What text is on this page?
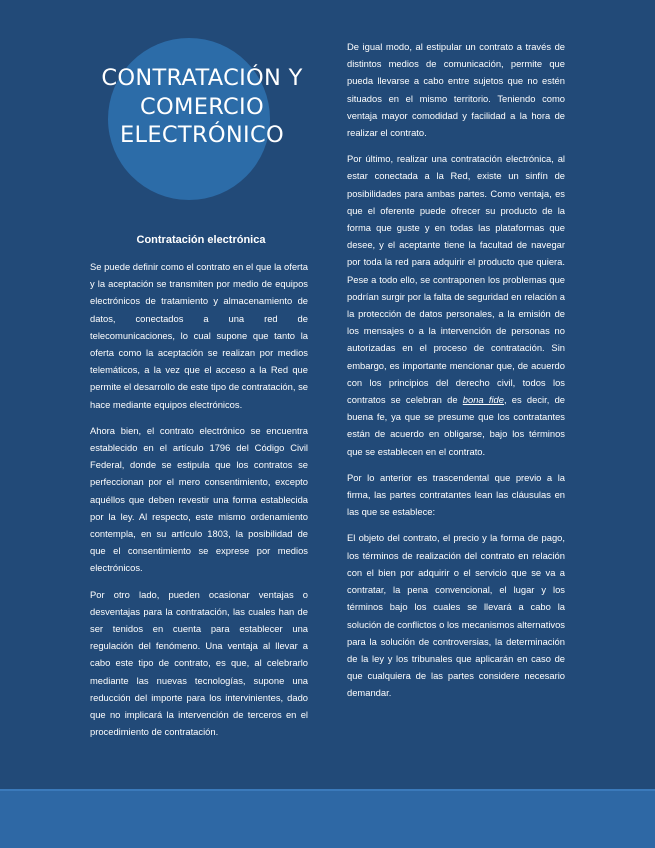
CONTRATACIÓN Y
COMERCIO
ELECTRÓNICO
Contratación electrónica

Se puede definir como el contrato en el que la oferta y la aceptación se transmiten por medio de equipos electrónicos de tratamiento y almacenamiento de datos, conectados a una red de telecomunicaciones, lo cual supone que tanto la oferta como la aceptación se realizan por medios telemáticos, a la vez que el acceso a la Red que permite el desarrollo de este tipo de contratación, se hace mediante equipos electrónicos.

Ahora bien, el contrato electrónico se encuentra establecido en el artículo 1796 del Código Civil Federal, donde se estipula que los contratos se perfeccionan por el mero consentimiento, excepto aquéllos que deben revestir una forma establecida por la ley. Al respecto, este mismo ordenamiento contempla, en su artículo 1803, la posibilidad de que el consentimiento se exprese por medios electrónicos.

Por otro lado, pueden ocasionar ventajas o desventajas para la contratación, las cuales han de ser tenidos en cuenta para establecer una regulación del fenómeno. Una ventaja al llevar a cabo este tipo de contrato, es que, al celebrarlo mediante las nuevas tecnologías, supone una reducción del importe para los intervinientes, dado que no implicará la intervención de terceros en el procedimiento de contratación.

De igual modo, al estipular un contrato a través de distintos medios de comunicación, permite que pueda llevarse a cabo entre sujetos que no estén situados en el mismo territorio. Teniendo como ventaja mayor comodidad y facilidad a la hora de realizar el contrato.

Por último, realizar una contratación electrónica, al estar conectada a la Red, existe un sinfín de posibilidades para ambas partes. Como ventaja, es que el oferente puede ofrecer su producto de la forma que guste y en todas las plataformas que desee, y el aceptante tiene la facultad de navegar por toda la red para adquirir el producto que quiera. Pese a todo ello, se contraponen los problemas que podrían surgir por la falta de seguridad en relación a la protección de datos personales, a la emisión de los mensajes o a la intervención de personas no autorizadas en el proceso de contratación. Sin embargo, es importante mencionar que, de acuerdo con los principios del derecho civil, todos los contratos se celebran de bona fide, es decir, de buena fe, ya que se presume que los contratantes están de acuerdo en obligarse, bajo los términos que se establecen en el contrato.

Por lo anterior es trascendental que previo a la firma, las partes contratantes lean las cláusulas en las que se establece:

El objeto del contrato, el precio y la forma de pago, los términos de realización del contrato en relación con el bien por adquirir o el servicio que se va a contratar, la pena convencional, el lugar y los términos bajo los cuales se llevará a cabo la solución de conflictos o los mecanismos alternativos para la solución de controversias, la determinación de la ley y los tribunales que aplicarán en caso de que cualquiera de las partes considere necesario demandar.
